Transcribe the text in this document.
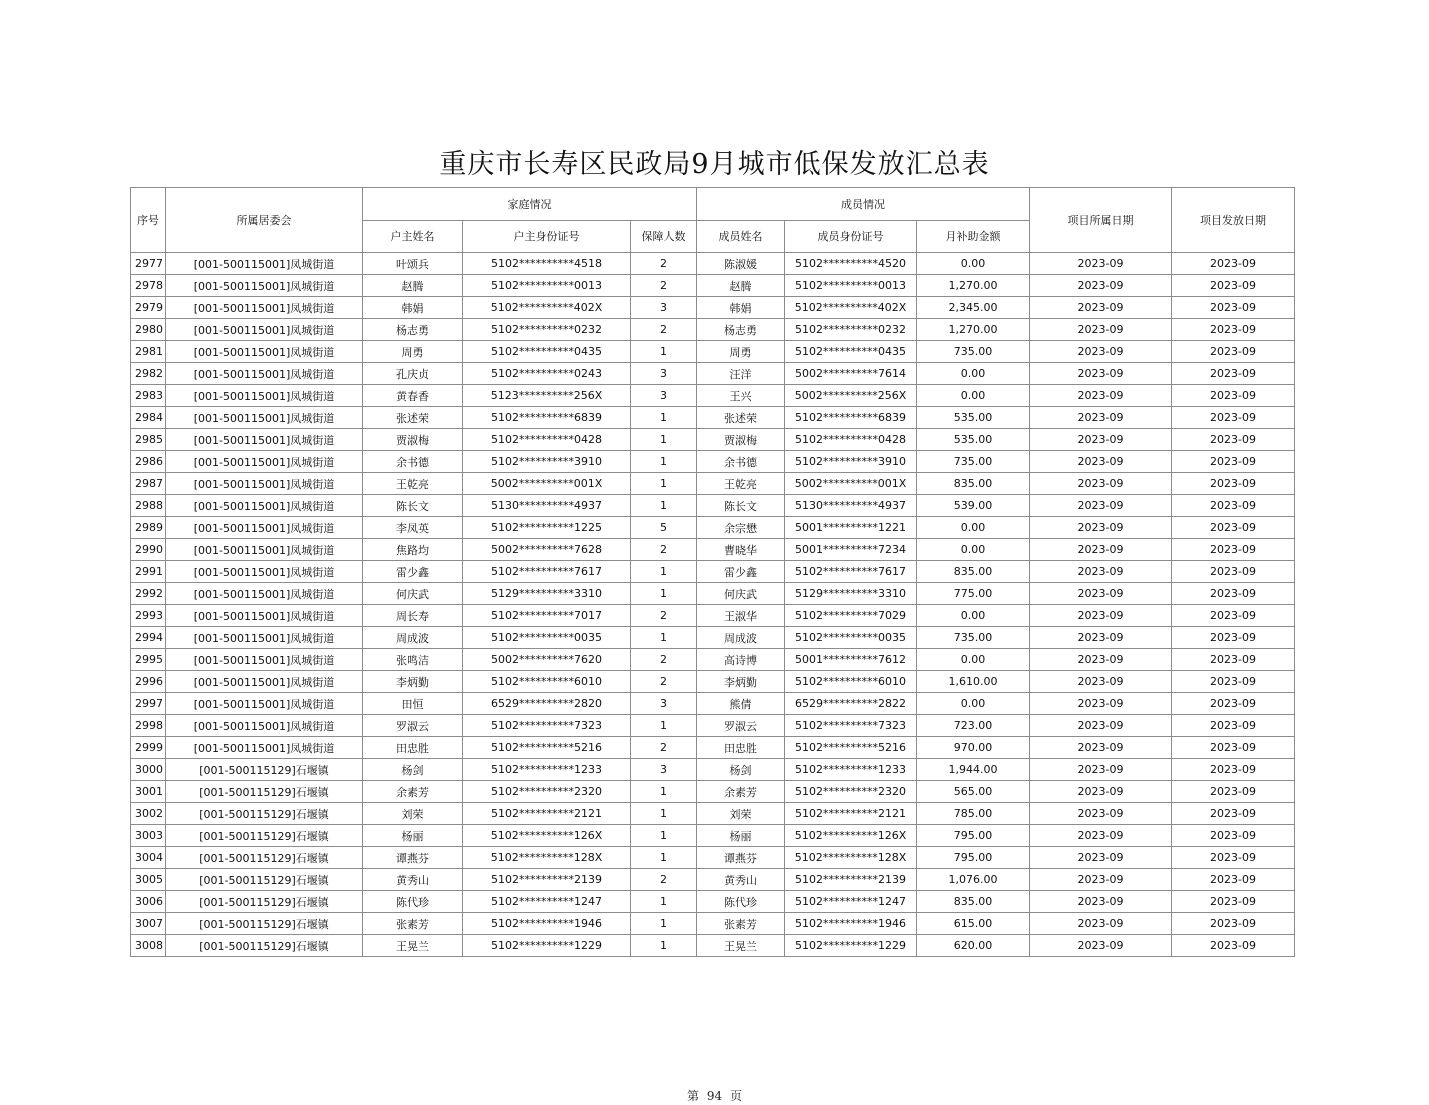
重庆市长寿区民政局9月城市低保发放汇总表
序号	所属居委会	家庭情况			成员情况			项目所属日期	项目发放日期
		户主姓名	户主身份证号	保障人数	成员姓名	成员身份证号	月补助金额		
2977	[001-500115001]凤城街道	叶颂兵	5102**********4518	2	陈淑媛	5102**********4520	0.00	2023-09	2023-09
2978	[001-500115001]凤城街道	赵腾	5102**********0013	2	赵腾	5102**********0013	1,270.00	2023-09	2023-09
2979	[001-500115001]凤城街道	韩娟	5102**********402X	3	韩娟	5102**********402X	2,345.00	2023-09	2023-09
2980	[001-500115001]凤城街道	杨志勇	5102**********0232	2	杨志勇	5102**********0232	1,270.00	2023-09	2023-09
2981	[001-500115001]凤城街道	周勇	5102**********0435	1	周勇	5102**********0435	735.00	2023-09	2023-09
2982	[001-500115001]凤城街道	孔庆贞	5102**********0243	3	汪洋	5002**********7614	0.00	2023-09	2023-09
2983	[001-500115001]凤城街道	黄春香	5123**********256X	3	王兴	5002**********256X	0.00	2023-09	2023-09
2984	[001-500115001]凤城街道	张述荣	5102**********6839	1	张述荣	5102**********6839	535.00	2023-09	2023-09
2985	[001-500115001]凤城街道	贾淑梅	5102**********0428	1	贾淑梅	5102**********0428	535.00	2023-09	2023-09
2986	[001-500115001]凤城街道	余书德	5102**********3910	1	余书德	5102**********3910	735.00	2023-09	2023-09
2987	[001-500115001]凤城街道	王乾亮	5002**********001X	1	王乾亮	5002**********001X	835.00	2023-09	2023-09
2988	[001-500115001]凤城街道	陈长文	5130**********4937	1	陈长文	5130**********4937	539.00	2023-09	2023-09
2989	[001-500115001]凤城街道	李凤英	5102**********1225	5	余宗懋	5001**********1221	0.00	2023-09	2023-09
2990	[001-500115001]凤城街道	焦路均	5002**********7628	2	曹晓华	5001**********7234	0.00	2023-09	2023-09
2991	[001-500115001]凤城街道	雷少鑫	5102**********7617	1	雷少鑫	5102**********7617	835.00	2023-09	2023-09
2992	[001-500115001]凤城街道	何庆武	5129**********3310	1	何庆武	5129**********3310	775.00	2023-09	2023-09
2993	[001-500115001]凤城街道	周长寿	5102**********7017	2	王淑华	5102**********7029	0.00	2023-09	2023-09
2994	[001-500115001]凤城街道	周成波	5102**********0035	1	周成波	5102**********0035	735.00	2023-09	2023-09
2995	[001-500115001]凤城街道	张鸣洁	5002**********7620	2	高诗博	5001**********7612	0.00	2023-09	2023-09
2996	[001-500115001]凤城街道	李炳勤	5102**********6010	2	李炳勤	5102**********6010	1,610.00	2023-09	2023-09
2997	[001-500115001]凤城街道	田恒	6529**********2820	3	熊倩	6529**********2822	0.00	2023-09	2023-09
2998	[001-500115001]凤城街道	罗淑云	5102**********7323	1	罗淑云	5102**********7323	723.00	2023-09	2023-09
2999	[001-500115001]凤城街道	田忠胜	5102**********5216	2	田忠胜	5102**********5216	970.00	2023-09	2023-09
3000	[001-500115129]石堰镇	杨剑	5102**********1233	3	杨剑	5102**********1233	1,944.00	2023-09	2023-09
3001	[001-500115129]石堰镇	余素芳	5102**********2320	1	余素芳	5102**********2320	565.00	2023-09	2023-09
3002	[001-500115129]石堰镇	刘荣	5102**********2121	1	刘荣	5102**********2121	785.00	2023-09	2023-09
3003	[001-500115129]石堰镇	杨丽	5102**********126X	1	杨丽	5102**********126X	795.00	2023-09	2023-09
3004	[001-500115129]石堰镇	谭燕芬	5102**********128X	1	谭燕芬	5102**********128X	795.00	2023-09	2023-09
3005	[001-500115129]石堰镇	黄秀山	5102**********2139	2	黄秀山	5102**********2139	1,076.00	2023-09	2023-09
3006	[001-500115129]石堰镇	陈代珍	5102**********1247	1	陈代珍	5102**********1247	835.00	2023-09	2023-09
3007	[001-500115129]石堰镇	张素芳	5102**********1946	1	张素芳	5102**********1946	615.00	2023-09	2023-09
3008	[001-500115129]石堰镇	王晃兰	5102**********1229	1	王晃兰	5102**********1229	620.00	2023-09	2023-09
第 94 页
